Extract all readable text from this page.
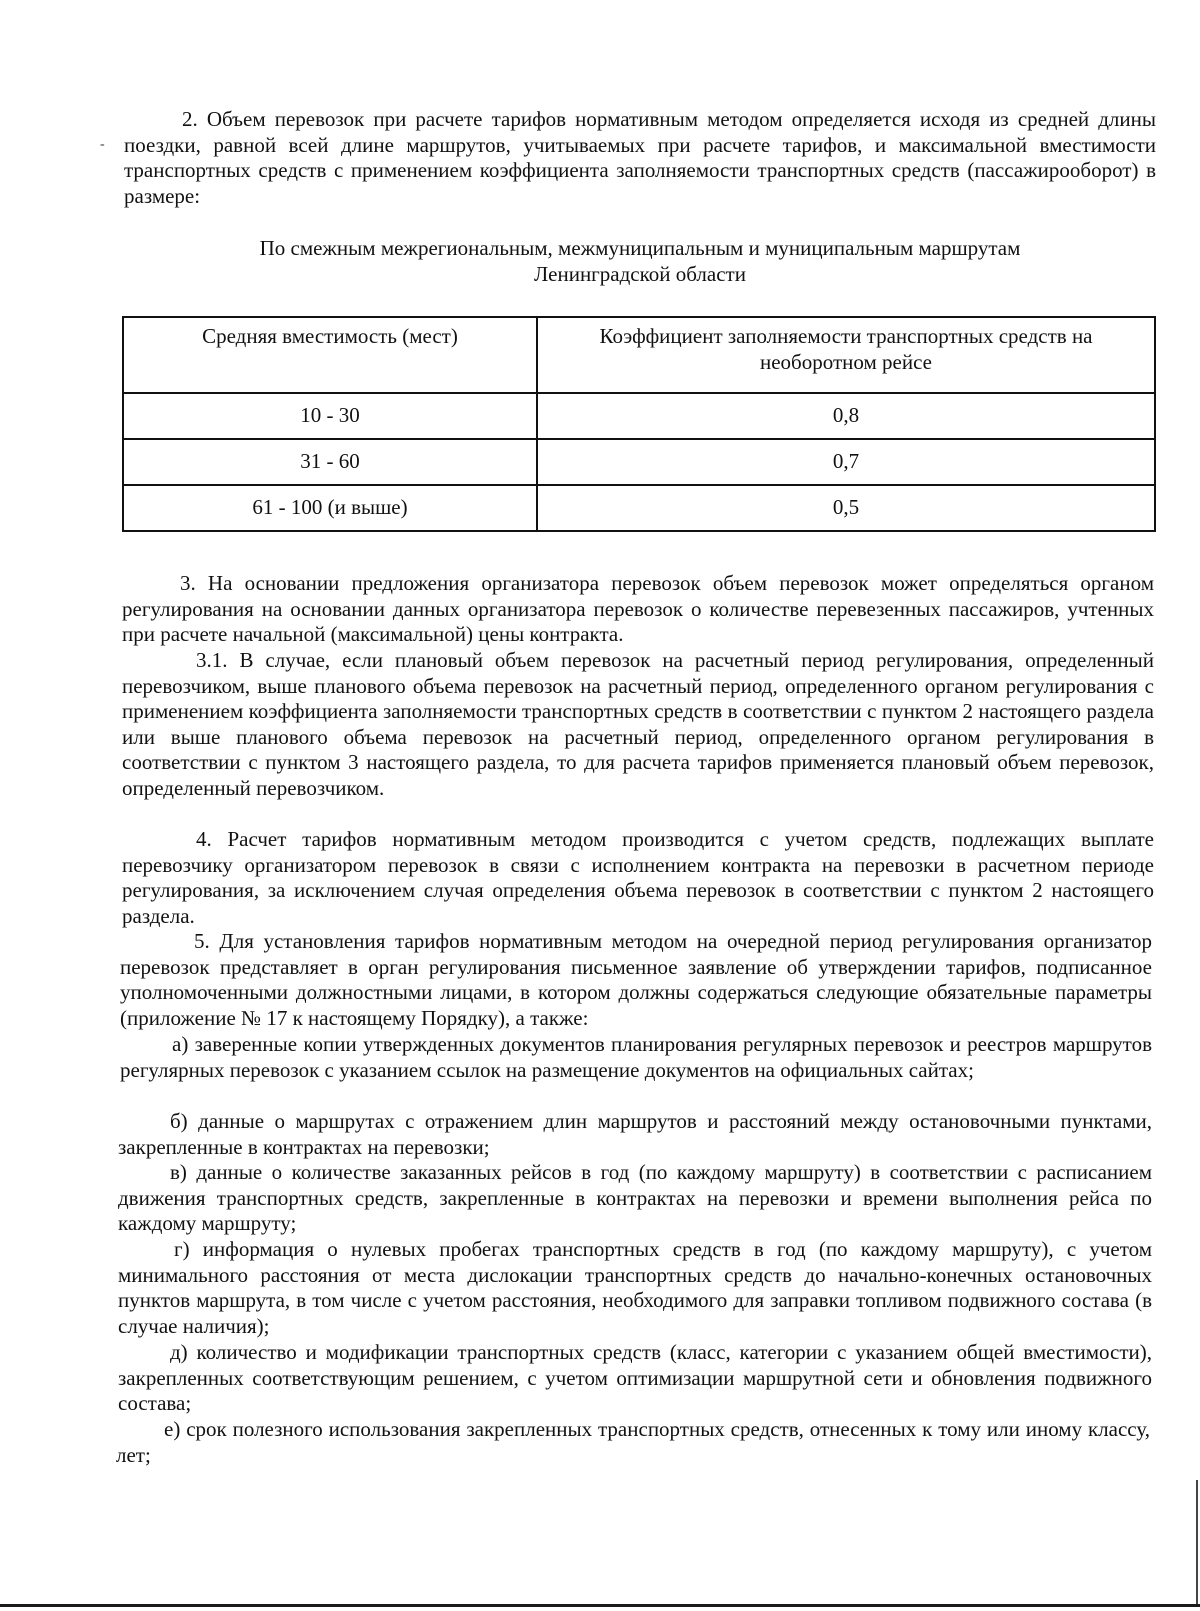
-

2. Объем перевозок при расчете тарифов нормативным методом определяется исходя из средней длины поездки, равной всей длине маршрутов, учитываемых при расчете тарифов, и максимальной вместимости транспортных средств с применением коэффициента заполняемости транспортных средств (пассажирооборот) в размере:

По смежным межрегиональным, межмуниципальным и муниципальным маршрутам

Ленинградской области

Средняя вместимость (мест)	Коэффициент заполняемости транспортных средств на необоротном рейсе
10 - 30	0,8
31 - 60	0,7
61 - 100 (и выше)	0,5

3. На основании предложения организатора перевозок объем перевозок может определяться органом регулирования на основании данных организатора перевозок о количестве перевезенных пассажиров, учтенных при расчете начальной (максимальной) цены контракта.

3.1. В случае, если плановый объем перевозок на расчетный период регулирования, определенный перевозчиком, выше планового объема перевозок на расчетный период, определенного органом регулирования с применением коэффициента заполняемости транспортных средств в соответствии с пунктом 2 настоящего раздела или выше планового объема перевозок на расчетный период, определенного органом регулирования в соответствии с пунктом 3 настоящего раздела, то для расчета тарифов применяется плановый объем перевозок, определенный перевозчиком.

4. Расчет тарифов нормативным методом производится с учетом средств, подлежащих выплате перевозчику организатором перевозок в связи с исполнением контракта на перевозки в расчетном периоде регулирования, за исключением случая определения объема перевозок в соответствии с пунктом 2 настоящего раздела.

5. Для установления тарифов нормативным методом на очередной период регулирования организатор перевозок представляет в орган регулирования письменное заявление об утверждении тарифов, подписанное уполномоченными должностными лицами, в котором должны содержаться следующие обязательные параметры (приложение № 17 к настоящему Порядку), а также:

а) заверенные копии утвержденных документов планирования регулярных перевозок и реестров маршрутов регулярных перевозок с указанием ссылок на размещение документов на официальных сайтах;

б) данные о маршрутах с отражением длин маршрутов и расстояний между остановочными пунктами, закрепленные в контрактах на перевозки;

в) данные о количестве заказанных рейсов в год (по каждому маршруту) в соответствии с расписанием движения транспортных средств, закрепленные в контрактах на перевозки и времени выполнения рейса по каждому маршруту;

г) информация о нулевых пробегах транспортных средств в год (по каждому маршруту), с учетом минимального расстояния от места дислокации транспортных средств до начально-конечных остановочных пунктов маршрута, в том числе с учетом расстояния, необходимого для заправки топливом подвижного состава (в случае наличия);

д) количество и модификации транспортных средств (класс, категории с указанием общей вместимости), закрепленных соответствующим решением, с учетом оптимизации маршрутной сети и обновления подвижного состава;

е) срок полезного использования закрепленных транспортных средств, отнесенных к тому или иному классу, лет;
